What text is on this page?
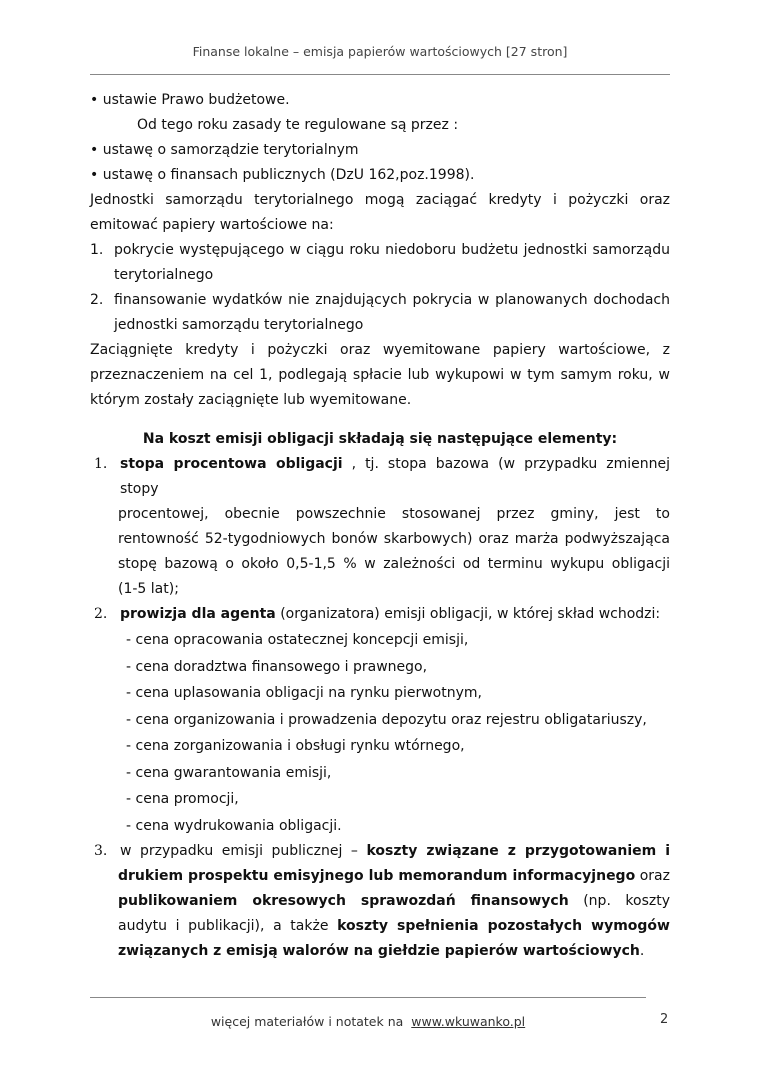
Finanse lokalne – emisja papierów wartościowych [27 stron]
• ustawie Prawo budżetowe.
Od tego roku zasady te regulowane są przez :
• ustawę o samorządzie terytorialnym
• ustawę o finansach publicznych (DzU 162,poz.1998).
Jednostki samorządu terytorialnego mogą zaciągać kredyty i pożyczki oraz
emitować papiery wartościowe na:
1. pokrycie występującego w ciągu roku niedoboru budżetu jednostki samorządu
terytorialnego
2. finansowanie wydatków nie znajdujących pokrycia w planowanych dochodach
jednostki samorządu terytorialnego
Zaciągnięte kredyty i pożyczki oraz wyemitowane papiery wartościowe, z
przeznaczeniem na cel 1, podlegają spłacie lub wykupowi w tym samym roku, w
którym zostały zaciągnięte lub wyemitowane.
Na koszt emisji obligacji składają się następujące elementy:
1. stopa procentowa obligacji , tj. stopa bazowa (w przypadku zmiennej stopy
procentowej, obecnie powszechnie stosowanej przez gminy, jest to
rentowność 52-tygodniowych bonów skarbowych) oraz marża podwyższająca
stopę bazową o około 0,5-1,5 % w zależności od terminu wykupu obligacji
(1-5 lat);
2. prowizja dla agenta (organizatora) emisji obligacji, w której skład wchodzi:
- cena opracowania ostatecznej koncepcji emisji,
- cena doradztwa finansowego i prawnego,
- cena uplasowania obligacji na rynku pierwotnym,
- cena organizowania i prowadzenia depozytu oraz rejestru obligatariuszy,
- cena zorganizowania i obsługi rynku wtórnego,
- cena gwarantowania emisji,
- cena promocji,
- cena wydrukowania obligacji.
3. w przypadku emisji publicznej – koszty związane z przygotowaniem i
drukiem prospektu emisyjnego lub memorandum informacyjnego oraz
publikowaniem okresowych sprawozdań finansowych (np. koszty
audytu i publikacji), a także koszty spełnienia pozostałych wymogów
związanych z emisją walorów na giełdzie papierów wartościowych.
więcej materiałów i notatek na www.wkuwanko.pl	2
